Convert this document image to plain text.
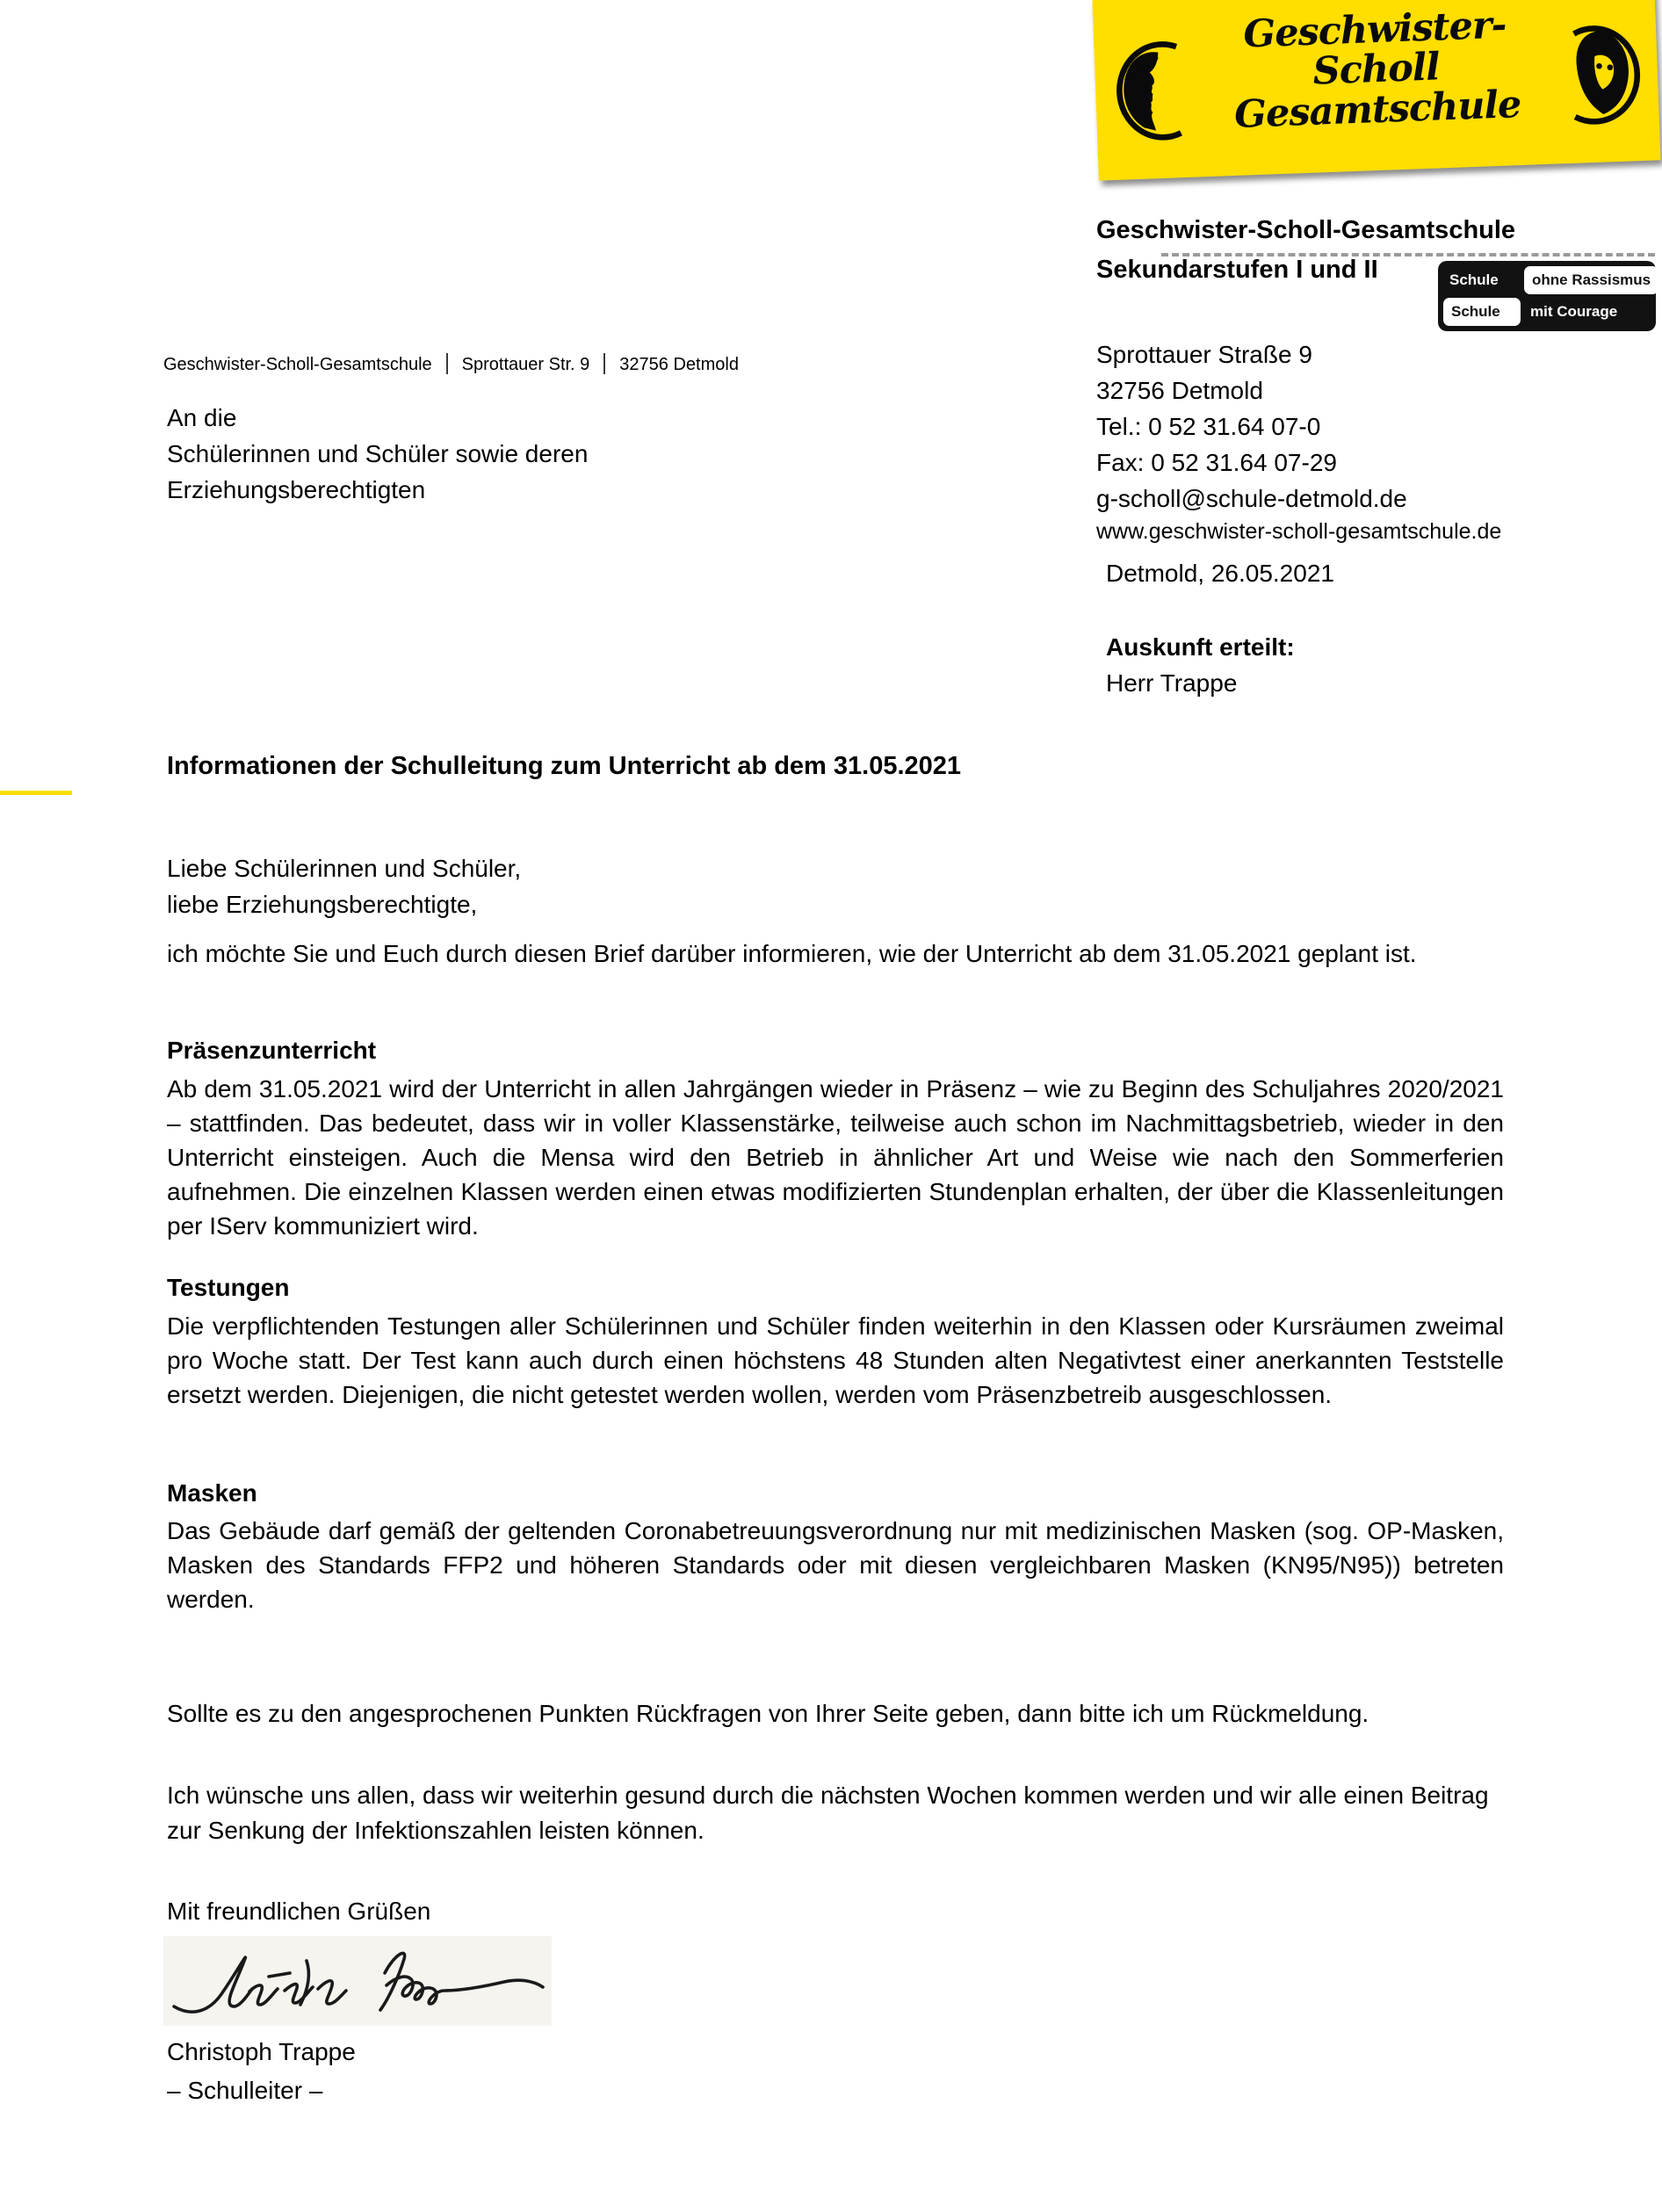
Geschwister-Scholl
Gesamtschule
Geschwister-Scholl-Gesamtschule
Sekundarstufen I und II	Schule	ohne Rassismus
Schule	mit Courage
Sprottauer Straße 9
32756 Detmold
Tel.: 0 52 31.64 07-0
Fax: 0 52 31.64 07-29
g-scholl@schule-detmold.de
www.geschwister-scholl-gesamtschule.de
Detmold, 26.05.2021
Auskunft erteilt:
Herr Trappe
Geschwister-Scholl-Gesamtschule Sprottauer Str. 9 32756 Detmold
An die
Schülerinnen und Schüler sowie deren
Erziehungsberechtigten
Informationen der Schulleitung zum Unterricht ab dem 31.05.2021
Liebe Schülerinnen und Schüler,
liebe Erziehungsberechtigte,
ich möchte Sie und Euch durch diesen Brief darüber informieren, wie der Unterricht ab dem 31.05.2021 geplant ist.
Präsenzunterricht
Ab dem 31.05.2021 wird der Unterricht in allen Jahrgängen wieder in Präsenz – wie zu Beginn des Schuljahres 2020/2021 – stattfinden. Das bedeutet, dass wir in voller Klassenstärke, teilweise auch schon im Nachmittagsbetrieb, wieder in den Unterricht einsteigen. Auch die Mensa wird den Betrieb in ähnlicher Art und Weise wie nach den Sommerferien aufnehmen. Die einzelnen Klassen werden einen etwas modifizierten Stundenplan erhalten, der über die Klassenleitungen per IServ kommuniziert wird.
Testungen
Die verpflichtenden Testungen aller Schülerinnen und Schüler finden weiterhin in den Klassen oder Kursräumen zweimal pro Woche statt. Der Test kann auch durch einen höchstens 48 Stunden alten Negativtest einer anerkannten Teststelle ersetzt werden. Diejenigen, die nicht getestet werden wollen, werden vom Präsenzbetreib ausgeschlossen.
Masken
Das Gebäude darf gemäß der geltenden Coronabetreuungsverordnung nur mit medizinischen Masken (sog. OP-Masken, Masken des Standards FFP2 und höheren Standards oder mit diesen vergleichbaren Masken (KN95/N95)) betreten werden.
Sollte es zu den angesprochenen Punkten Rückfragen von Ihrer Seite geben, dann bitte ich um Rückmeldung.
Ich wünsche uns allen, dass wir weiterhin gesund durch die nächsten Wochen kommen werden und wir alle einen Beitrag zur Senkung der Infektionszahlen leisten können.
Mit freundlichen Grüßen
Christoph Trappe
– Schulleiter –
